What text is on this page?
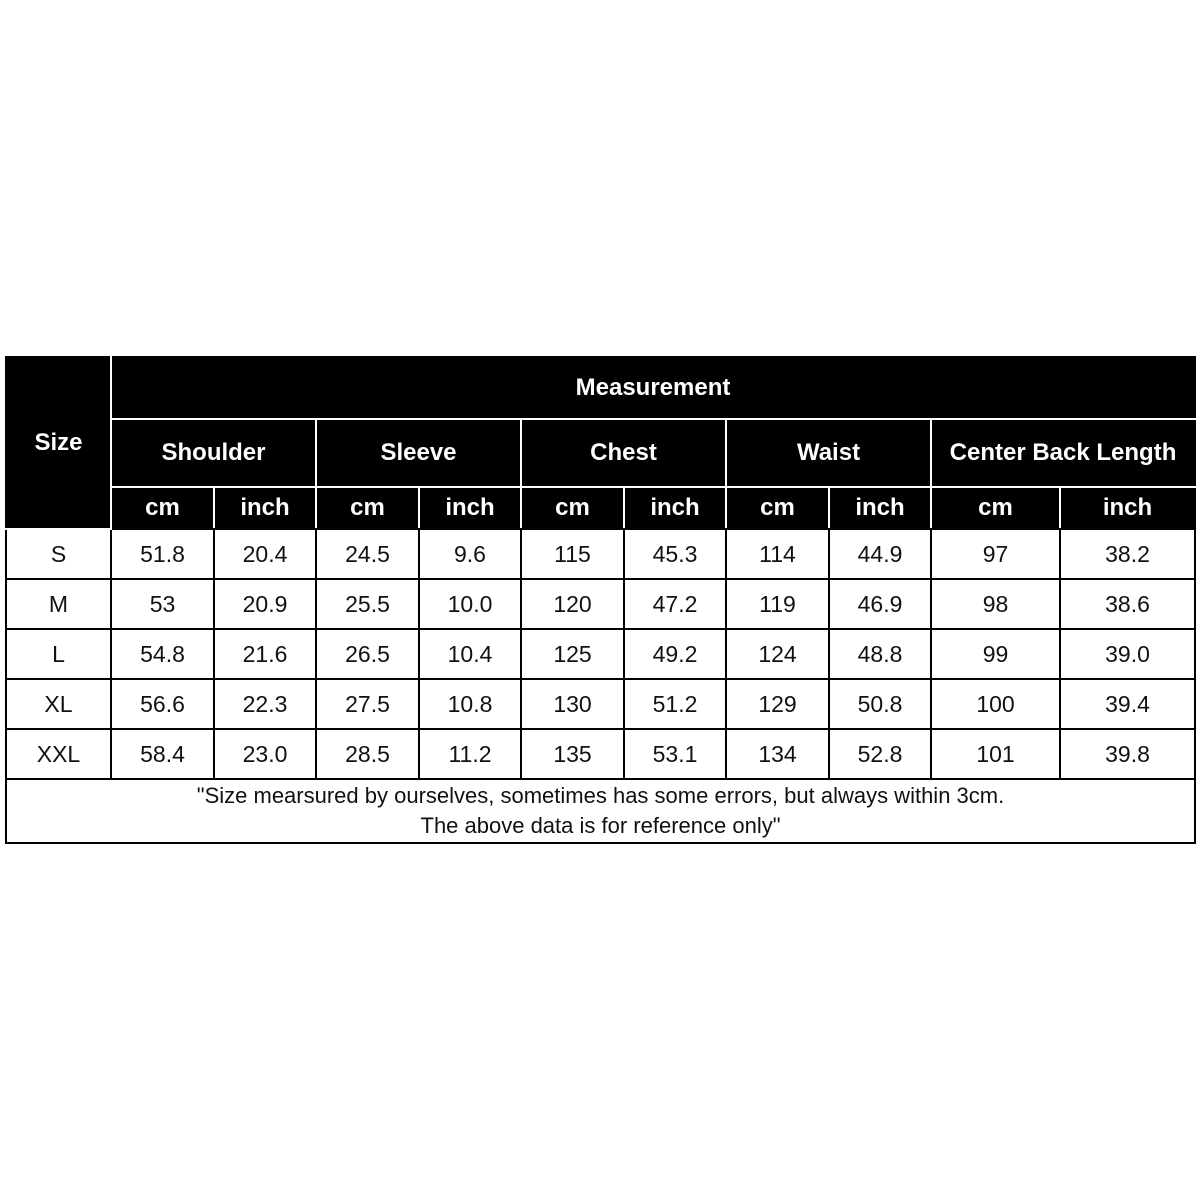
Size	Measurement									
	Shoulder		Sleeve		Chest		Waist		Center Back Length	
	cm	inch	cm	inch	cm	inch	cm	inch	cm	inch
S	51.8	20.4	24.5	9.6	115	45.3	114	44.9	97	38.2
M	53	20.9	25.5	10.0	120	47.2	119	46.9	98	38.6
L	54.8	21.6	26.5	10.4	125	49.2	124	48.8	99	39.0
XL	56.6	22.3	27.5	10.8	130	51.2	129	50.8	100	39.4
XXL	58.4	23.0	28.5	11.2	135	53.1	134	52.8	101	39.8

"Size mearsured by ourselves, sometimes has some errors, but always within 3cm.
The above data is for reference only"										
